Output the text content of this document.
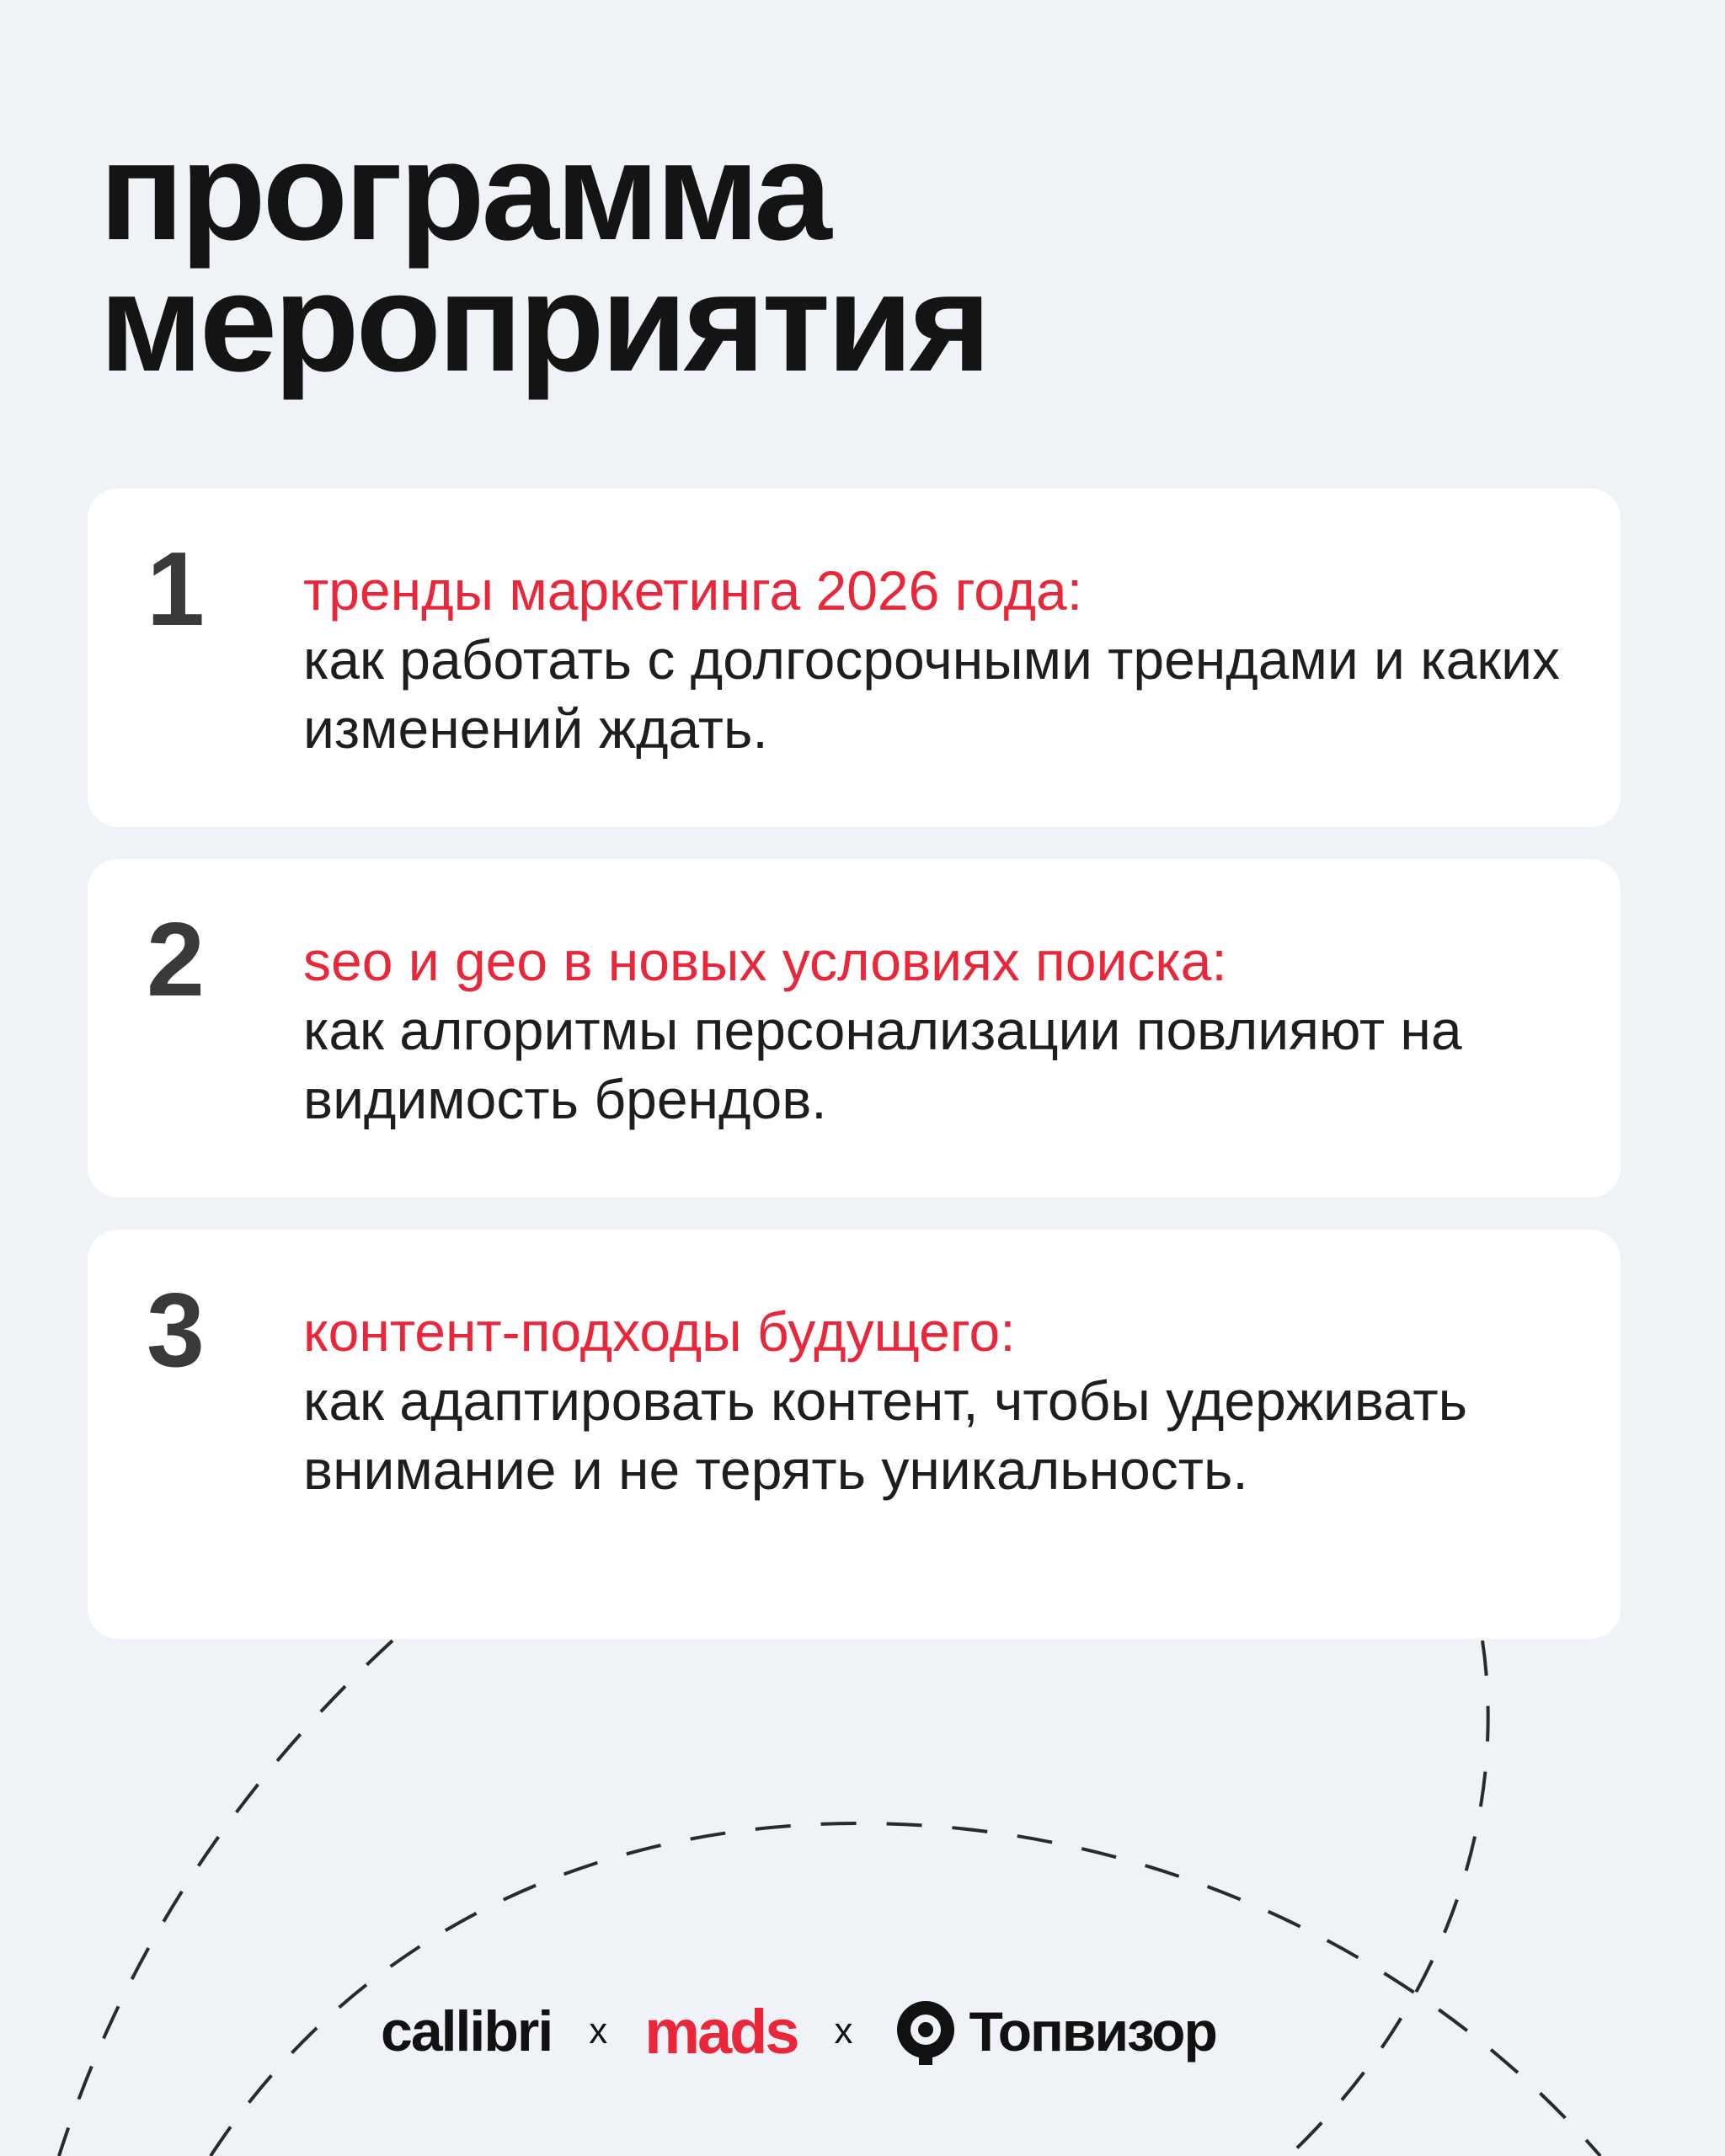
программа
мероприятия
1 тренды маркетинга 2026 года:
как работать с долгосрочными трендами и каких изменений ждать.
2 seo и geo в новых условиях поиска:
как алгоритмы персонализации повлияют на видимость брендов.
3 контент-подходы будущего:
как адаптировать контент, чтобы удерживать внимание и не терять уникальность.
callibri x mads x Топвизор
